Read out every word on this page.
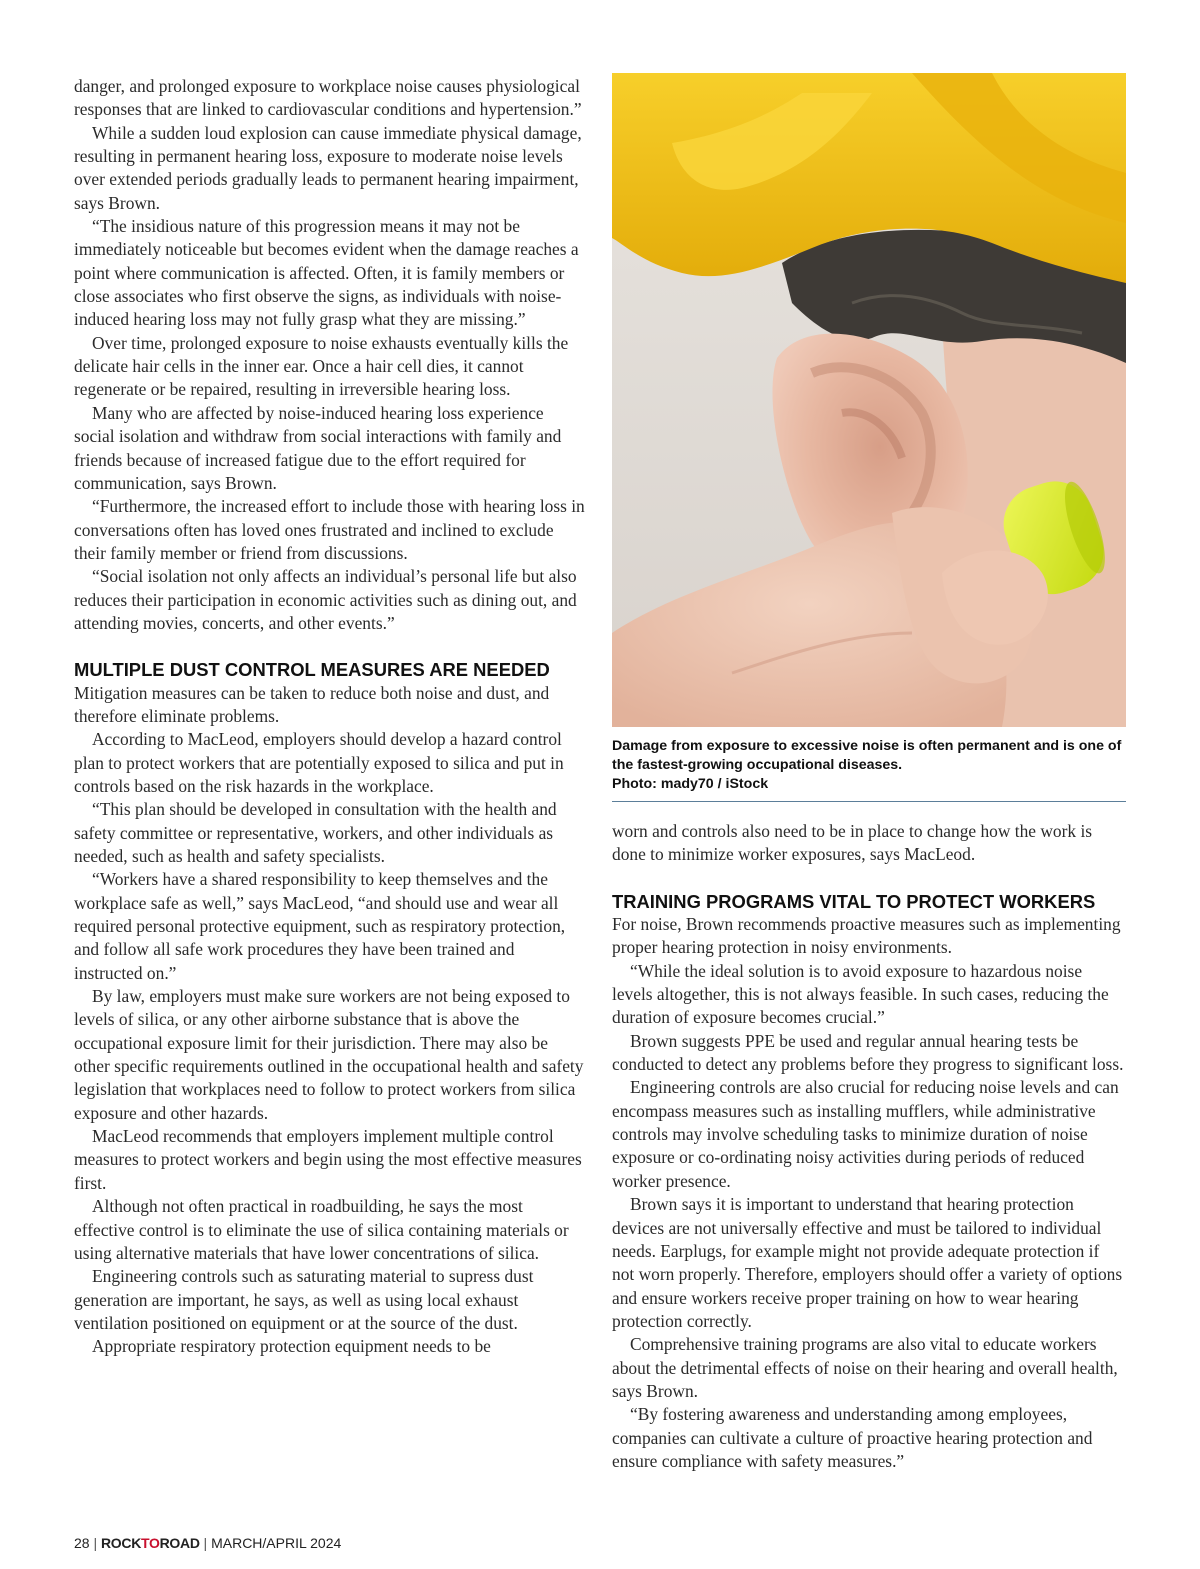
danger, and prolonged exposure to workplace noise causes physiological responses that are linked to cardiovascular conditions and hypertension.”

While a sudden loud explosion can cause immediate physical damage, resulting in permanent hearing loss, exposure to moderate noise levels over extended periods gradually leads to permanent hearing impairment, says Brown.

“The insidious nature of this progression means it may not be immediately noticeable but becomes evident when the damage reaches a point where communication is affected. Often, it is family members or close associates who first observe the signs, as individuals with noise-induced hearing loss may not fully grasp what they are missing.”

Over time, prolonged exposure to noise exhausts eventually kills the delicate hair cells in the inner ear. Once a hair cell dies, it cannot regenerate or be repaired, resulting in irreversible hearing loss.

Many who are affected by noise-induced hearing loss experience social isolation and withdraw from social interactions with family and friends because of increased fatigue due to the effort required for communication, says Brown.

“Furthermore, the increased effort to include those with hearing loss in conversations often has loved ones frustrated and inclined to exclude their family member or friend from discussions.

“Social isolation not only affects an individual’s personal life but also reduces their participation in economic activities such as dining out, and attending movies, concerts, and other events.”

MULTIPLE DUST CONTROL MEASURES ARE NEEDED

Mitigation measures can be taken to reduce both noise and dust, and therefore eliminate problems.

According to MacLeod, employers should develop a hazard control plan to protect workers that are potentially exposed to silica and put in controls based on the risk hazards in the workplace.

“This plan should be developed in consultation with the health and safety committee or representative, workers, and other individuals as needed, such as health and safety specialists.

“Workers have a shared responsibility to keep themselves and the workplace safe as well,” says MacLeod, “and should use and wear all required personal protective equipment, such as respiratory protection, and follow all safe work procedures they have been trained and instructed on.”

By law, employers must make sure workers are not being exposed to levels of silica, or any other airborne substance that is above the occupational exposure limit for their jurisdiction. There may also be other specific requirements outlined in the occupational health and safety legislation that workplaces need to follow to protect workers from silica exposure and other hazards.

MacLeod recommends that employers implement multiple control measures to protect workers and begin using the most effective measures first.

Although not often practical in roadbuilding, he says the most effective control is to eliminate the use of silica containing materials or using alternative materials that have lower concentrations of silica.

Engineering controls such as saturating material to supress dust generation are important, he says, as well as using local exhaust ventilation positioned on equipment or at the source of the dust.

Appropriate respiratory protection equipment needs to be

Damage from exposure to excessive noise is often permanent and is one of the fastest-growing occupational diseases.
Photo: mady70 / iStock

worn and controls also need to be in place to change how the work is done to minimize worker exposures, says MacLeod.

TRAINING PROGRAMS VITAL TO PROTECT WORKERS

For noise, Brown recommends proactive measures such as implementing proper hearing protection in noisy environments.

“While the ideal solution is to avoid exposure to hazardous noise levels altogether, this is not always feasible. In such cases, reducing the duration of exposure becomes crucial.”

Brown suggests PPE be used and regular annual hearing tests be conducted to detect any problems before they progress to significant loss.

Engineering controls are also crucial for reducing noise levels and can encompass measures such as installing mufflers, while administrative controls may involve scheduling tasks to minimize duration of noise exposure or co-ordinating noisy activities during periods of reduced worker presence.

Brown says it is important to understand that hearing protection devices are not universally effective and must be tailored to individual needs. Earplugs, for example might not provide adequate protection if not worn properly. Therefore, employers should offer a variety of options and ensure workers receive proper training on how to wear hearing protection correctly.

Comprehensive training programs are also vital to educate workers about the detrimental effects of noise on their hearing and overall health, says Brown.

“By fostering awareness and understanding among employees, companies can cultivate a culture of proactive hearing protection and ensure compliance with safety measures.”

28 | ROCKTOROAD | MARCH/APRIL 2024
